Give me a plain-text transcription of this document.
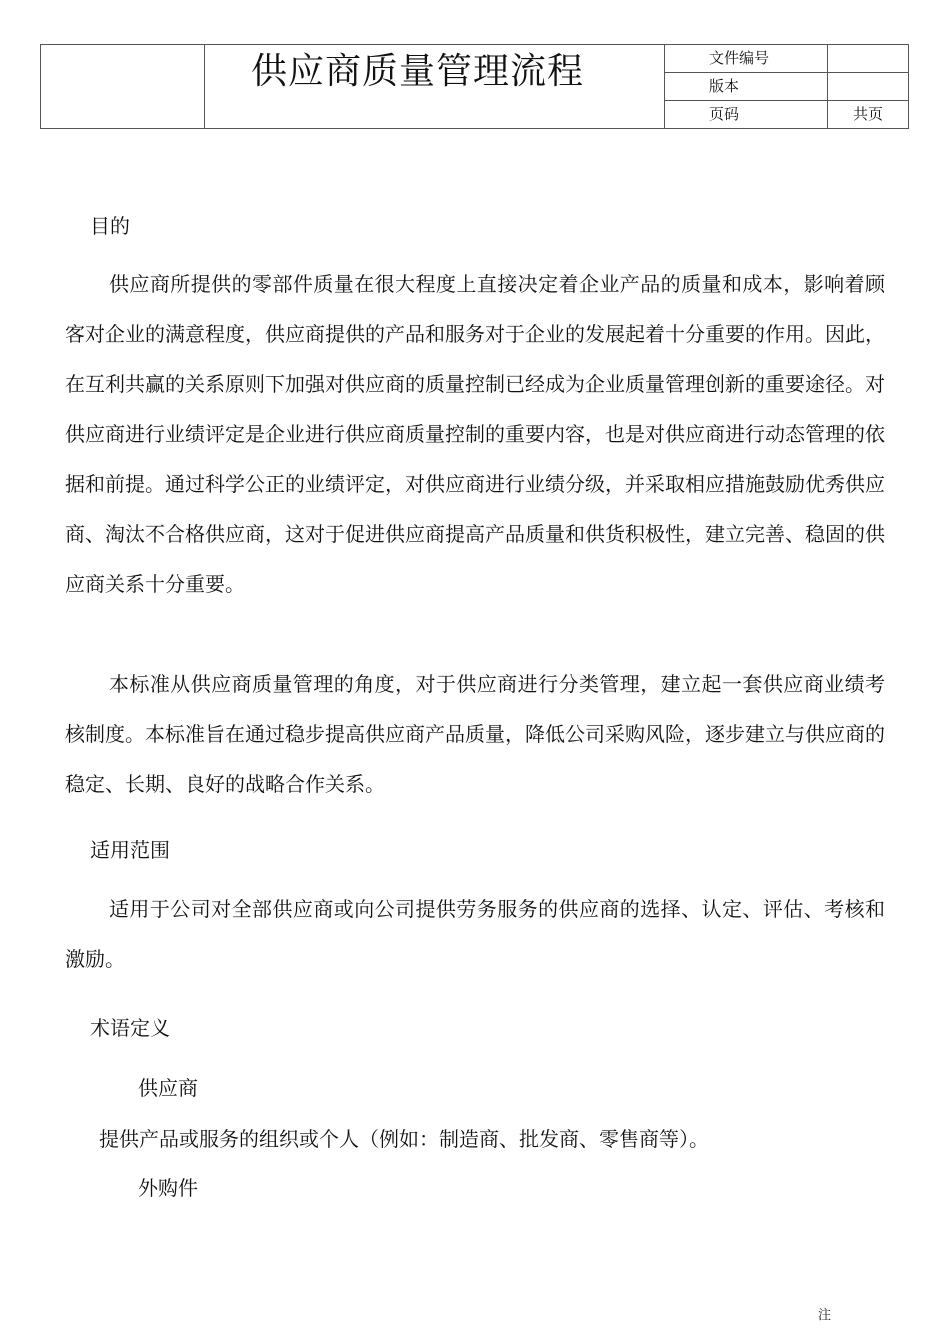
	供应商质量管理流程	文件编号	
		版本	
		页码	共页
目的

供应商所提供的零部件质量在很大程度上直接决定着企业产品的质量和成本，影响着顾客对企业的满意程度，供应商提供的产品和服务对于企业的发展起着十分重要的作用。因此，在互利共赢的关系原则下加强对供应商的质量控制已经成为企业质量管理创新的重要途径。对供应商进行业绩评定是企业进行供应商质量控制的重要内容，也是对供应商进行动态管理的依据和前提。通过科学公正的业绩评定，对供应商进行业绩分级，并采取相应措施鼓励优秀供应商、淘汰不合格供应商，这对于促进供应商提高产品质量和供货积极性，建立完善、稳固的供应商关系十分重要。

本标准从供应商质量管理的角度，对于供应商进行分类管理，建立起一套供应商业绩考核制度。本标准旨在通过稳步提高供应商产品质量，降低公司采购风险，逐步建立与供应商的稳定、长期、良好的战略合作关系。

适用范围

适用于公司对全部供应商或向公司提供劳务服务的供应商的选择、认定、评估、考核和激励。

术语定义
供应商
提供产品或服务的组织或个人（例如：制造商、批发商、零售商等）。
外购件
注
